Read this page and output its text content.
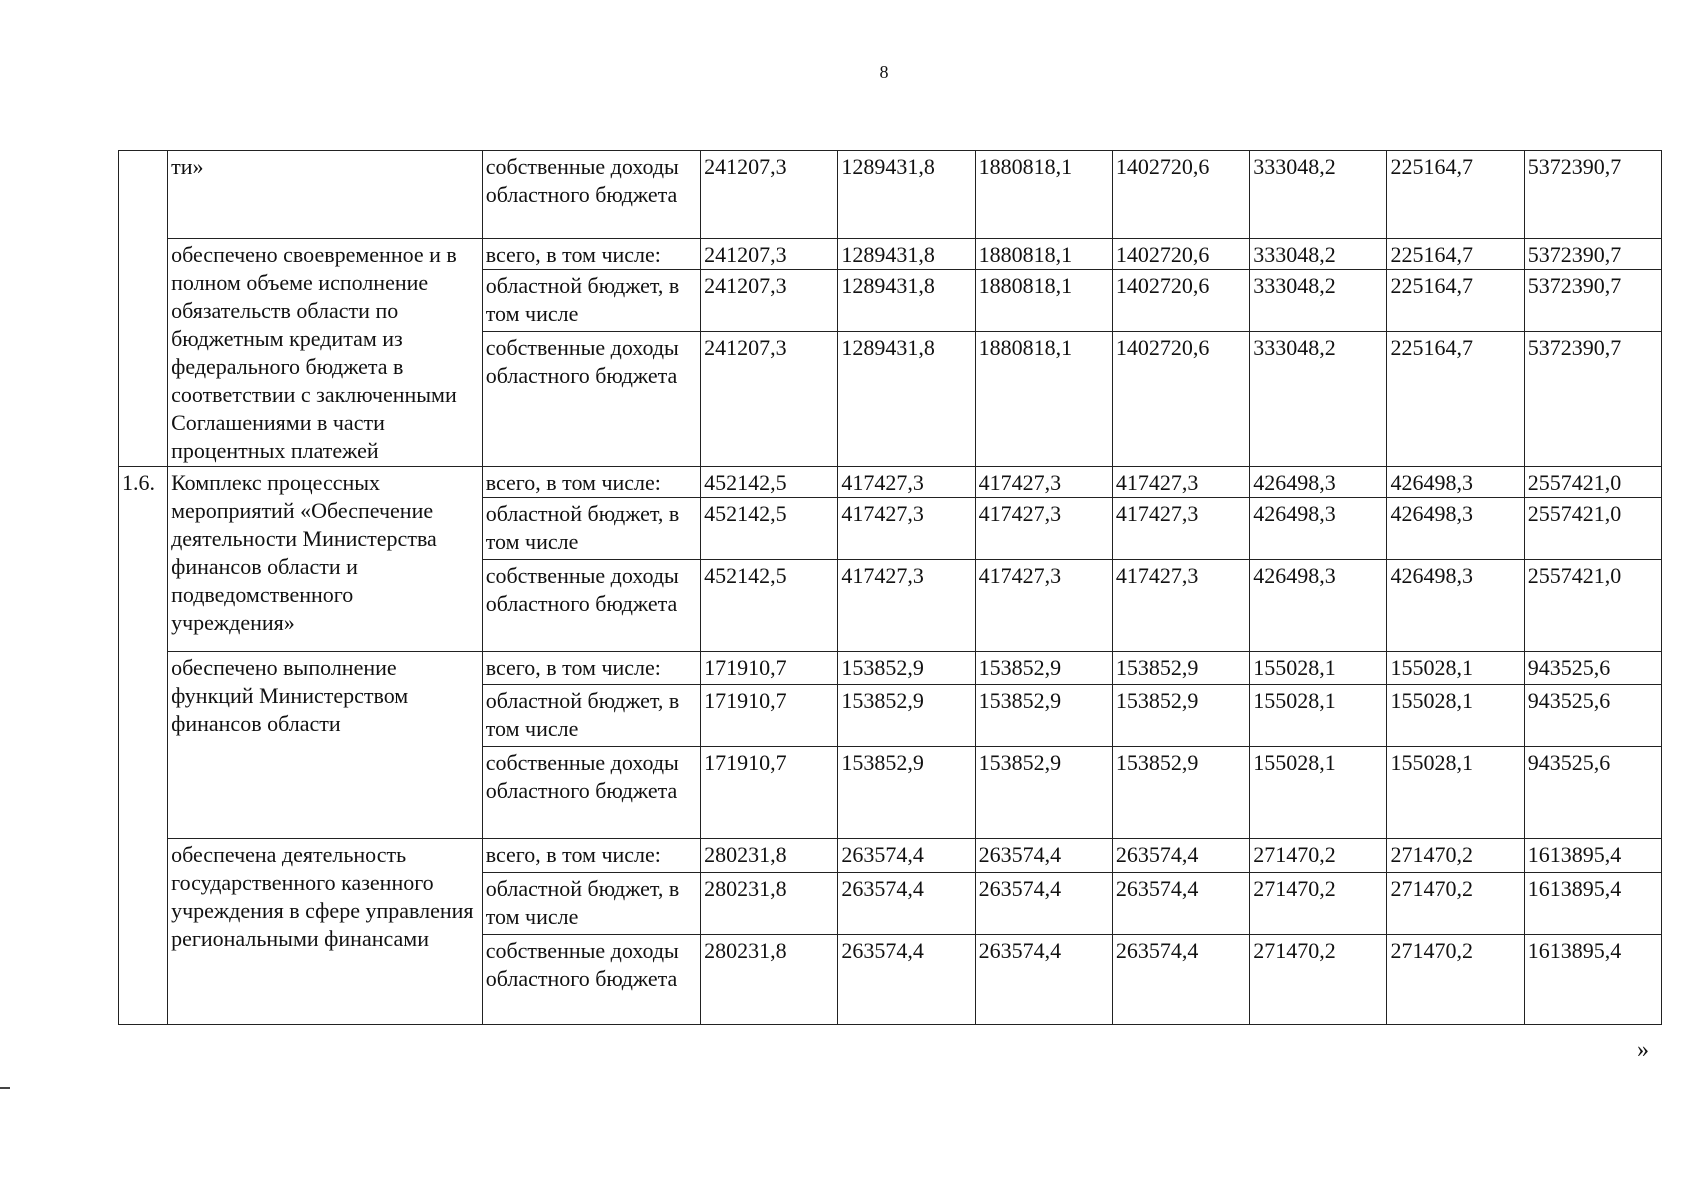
8
	ти»	собственные доходы областного бюджета	241207,3	1289431,8	1880818,1	1402720,6	333048,2	225164,7	5372390,7
	обеспечено своевременное и в полном объеме исполнение обязательств области по бюджетным кредитам из федерального бюджета в соответствии с заключенными Соглашениями в части процентных платежей	всего, в том числе:	241207,3	1289431,8	1880818,1	1402720,6	333048,2	225164,7	5372390,7
		областной бюджет, в том числе	241207,3	1289431,8	1880818,1	1402720,6	333048,2	225164,7	5372390,7
		собственные доходы областного бюджета	241207,3	1289431,8	1880818,1	1402720,6	333048,2	225164,7	5372390,7
1.6.	Комплекс процессных мероприятий «Обеспечение деятельности Министерства финансов области и подведомственного учреждения»	всего, в том числе:	452142,5	417427,3	417427,3	417427,3	426498,3	426498,3	2557421,0
		областной бюджет, в том числе	452142,5	417427,3	417427,3	417427,3	426498,3	426498,3	2557421,0
		собственные доходы областного бюджета	452142,5	417427,3	417427,3	417427,3	426498,3	426498,3	2557421,0
	обеспечено выполнение функций Министерством финансов области	всего, в том числе:	171910,7	153852,9	153852,9	153852,9	155028,1	155028,1	943525,6
		областной бюджет, в том числе	171910,7	153852,9	153852,9	153852,9	155028,1	155028,1	943525,6
		собственные доходы областного бюджета	171910,7	153852,9	153852,9	153852,9	155028,1	155028,1	943525,6
	обеспечена деятельность государственного казенного учреждения в сфере управления региональными финансами	всего, в том числе:	280231,8	263574,4	263574,4	263574,4	271470,2	271470,2	1613895,4
		областной бюджет, в том числе	280231,8	263574,4	263574,4	263574,4	271470,2	271470,2	1613895,4
		собственные доходы областного бюджета	280231,8	263574,4	263574,4	263574,4	271470,2	271470,2	1613895,4
»
